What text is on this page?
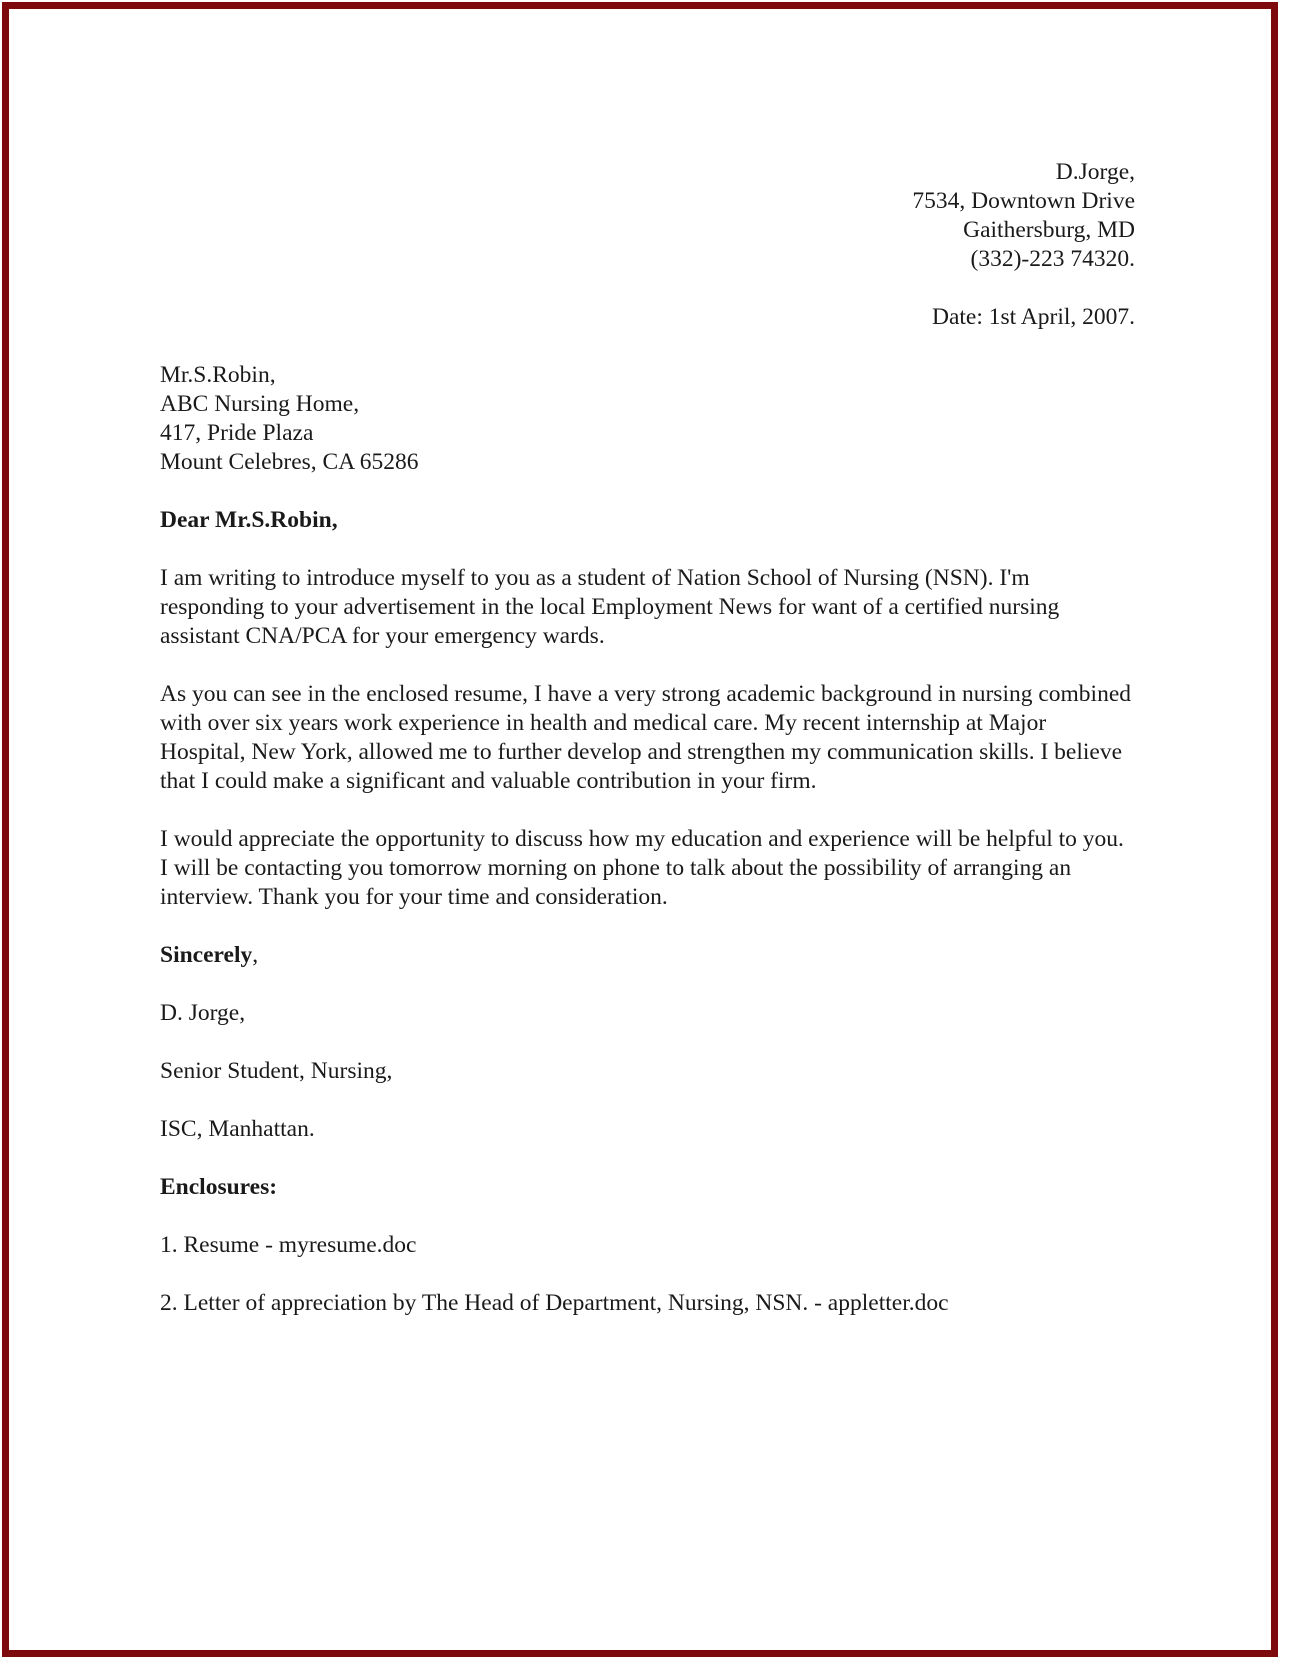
D.Jorge,
7534, Downtown Drive
Gaithersburg, MD
(332)-223 74320.
Date: 1st April, 2007.
Mr.S.Robin,
ABC Nursing Home,
417, Pride Plaza
Mount Celebres, CA 65286
Dear Mr.S.Robin,
I am writing to introduce myself to you as a student of Nation School of Nursing (NSN). I'm responding to your advertisement in the local Employment News for want of a certified nursing assistant CNA/PCA for your emergency wards.
As you can see in the enclosed resume, I have a very strong academic background in nursing combined with over six years work experience in health and medical care. My recent internship at Major Hospital, New York, allowed me to further develop and strengthen my communication skills. I believe that I could make a significant and valuable contribution in your firm.
I would appreciate the opportunity to discuss how my education and experience will be helpful to you. I will be contacting you tomorrow morning on phone to talk about the possibility of arranging an interview. Thank you for your time and consideration.
Sincerely,
D. Jorge,
Senior Student, Nursing,
ISC, Manhattan.
Enclosures:
1. Resume - myresume.doc
2. Letter of appreciation by The Head of Department, Nursing, NSN. - appletter.doc
